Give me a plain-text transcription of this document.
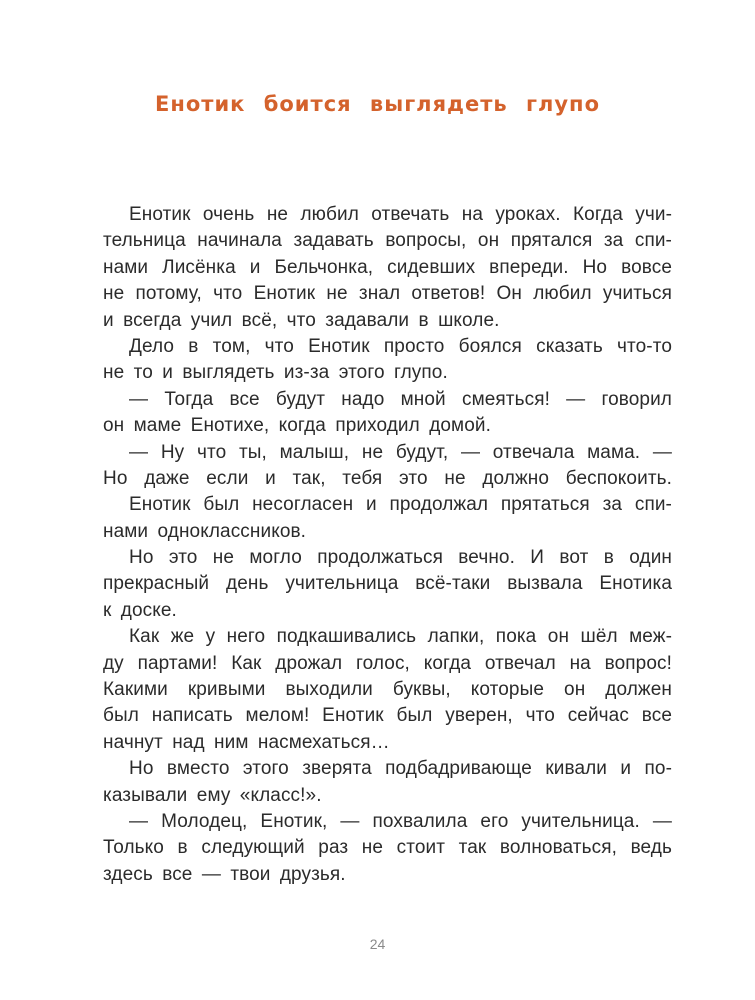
Енотик боится выглядеть глупо
Енотик очень не любил отвечать на уроках. Когда учи-
тельница начинала задавать вопросы, он прятался за спи-
нами Лисёнка и Бельчонка, сидевших впереди. Но вовсе
не потому, что Енотик не знал ответов! Он любил учиться
и всегда учил всё, что задавали в школе.
Дело в том, что Енотик просто боялся сказать что-то
не то и выглядеть из-за этого глупо.
— Тогда все будут надо мной смеяться! — говорил
он маме Енотихе, когда приходил домой.
— Ну что ты, малыш, не будут, — отвечала мама. —
Но даже если и так, тебя это не должно беспокоить.
Енотик был несогласен и продолжал прятаться за спи-
нами одноклассников.
Но это не могло продолжаться вечно. И вот в один
прекрасный день учительница всё-таки вызвала Енотика
к доске.
Как же у него подкашивались лапки, пока он шёл меж-
ду партами! Как дрожал голос, когда отвечал на вопрос!
Какими кривыми выходили буквы, которые он должен
был написать мелом! Енотик был уверен, что сейчас все
начнут над ним насмехаться…
Но вместо этого зверята подбадривающе кивали и по-
казывали ему «класс!».
— Молодец, Енотик, — похвалила его учительница. —
Только в следующий раз не стоит так волноваться, ведь
здесь все — твои друзья.
24
